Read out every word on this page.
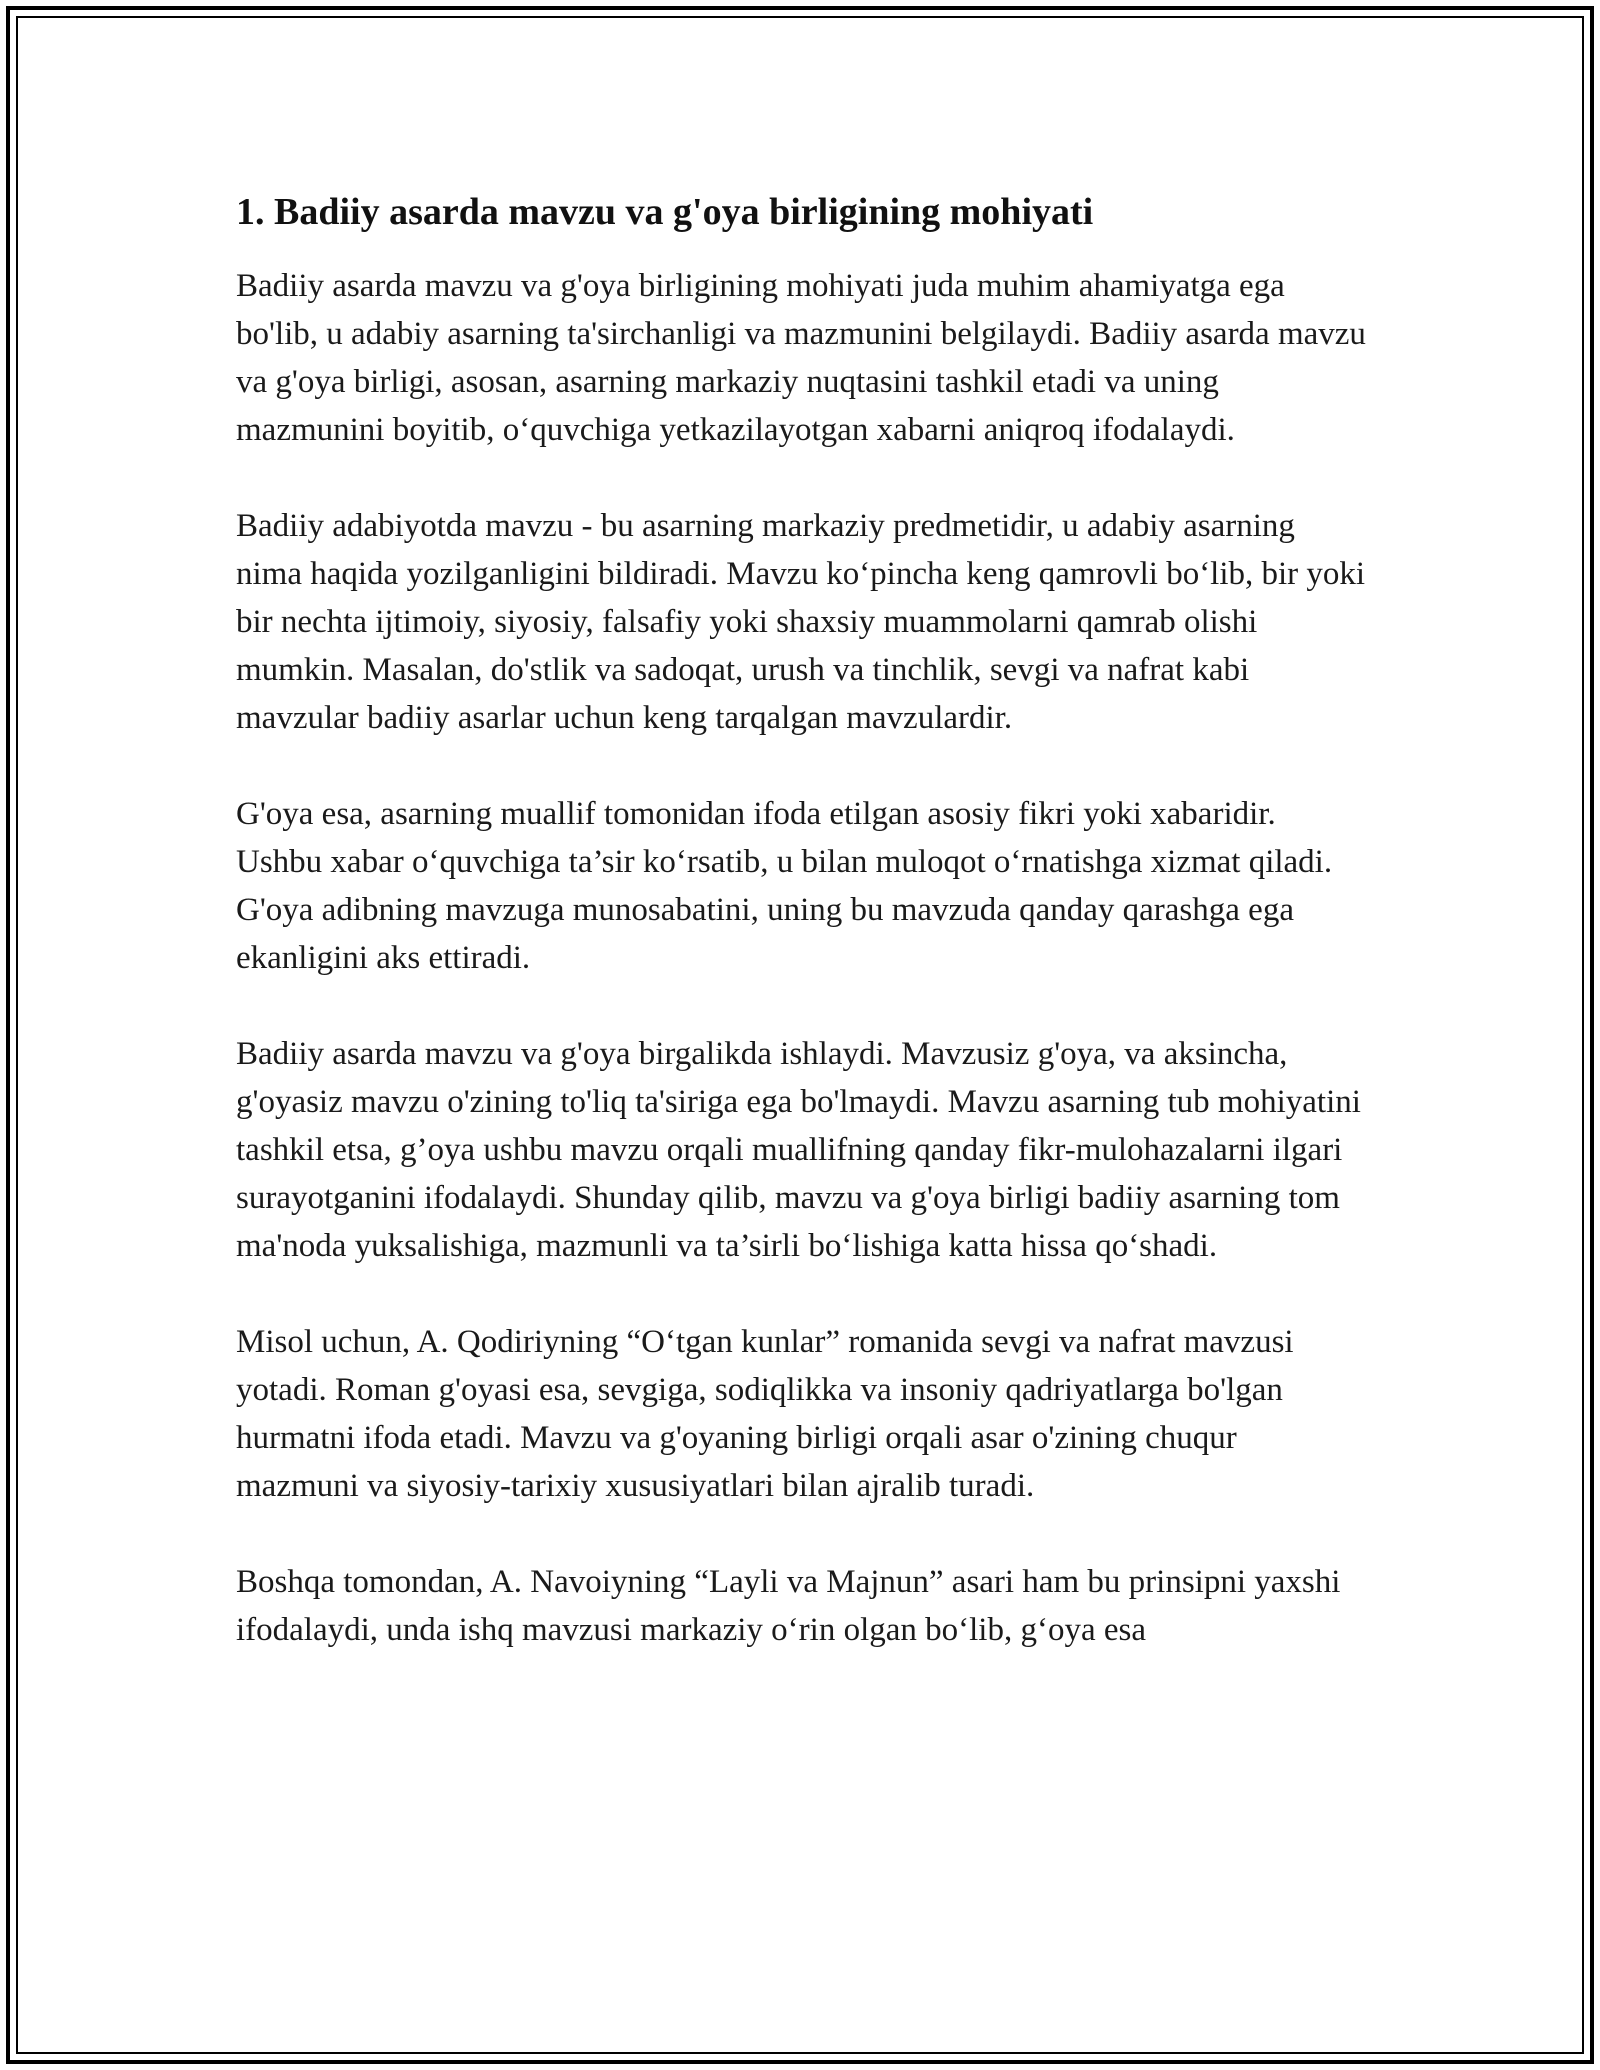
1. Badiiy asarda mavzu va g'oya birligining mohiyati

Badiiy asarda mavzu va g'oya birligining mohiyati juda muhim ahamiyatga ega bo'lib, u adabiy asarning ta'sirchanligi va mazmunini belgilaydi. Badiiy asarda mavzu va g'oya birligi, asosan, asarning markaziy nuqtasini tashkil etadi va uning mazmunini boyitib, o‘quvchiga yetkazilayotgan xabarni aniqroq ifodalaydi.

Badiiy adabiyotda mavzu - bu asarning markaziy predmetidir, u adabiy asarning nima haqida yozilganligini bildiradi. Mavzu ko‘pincha keng qamrovli bo‘lib, bir yoki bir nechta ijtimoiy, siyosiy, falsafiy yoki shaxsiy muammolarni qamrab olishi mumkin. Masalan, do'stlik va sadoqat, urush va tinchlik, sevgi va nafrat kabi mavzular badiiy asarlar uchun keng tarqalgan mavzulardir.

G'oya esa, asarning muallif tomonidan ifoda etilgan asosiy fikri yoki xabaridir. Ushbu xabar o‘quvchiga ta’sir ko‘rsatib, u bilan muloqot o‘rnatishga xizmat qiladi. G'oya adibning mavzuga munosabatini, uning bu mavzuda qanday qarashga ega ekanligini aks ettiradi.

Badiiy asarda mavzu va g'oya birgalikda ishlaydi. Mavzusiz g'oya, va aksincha, g'oyasiz mavzu o'zining to'liq ta'siriga ega bo'lmaydi. Mavzu asarning tub mohiyatini tashkil etsa, g’oya ushbu mavzu orqali muallifning qanday fikr-mulohazalarni ilgari surayotganini ifodalaydi. Shunday qilib, mavzu va g'oya birligi badiiy asarning tom ma'noda yuksalishiga, mazmunli va ta’sirli bo‘lishiga katta hissa qo‘shadi.

Misol uchun, A. Qodiriyning “O‘tgan kunlar” romanida sevgi va nafrat mavzusi yotadi. Roman g'oyasi esa, sevgiga, sodiqlikka va insoniy qadriyatlarga bo'lgan hurmatni ifoda etadi. Mavzu va g'oyaning birligi orqali asar o'zining chuqur mazmuni va siyosiy-tarixiy xususiyatlari bilan ajralib turadi.

Boshqa tomondan, A. Navoiyning “Layli va Majnun” asari ham bu prinsipni yaxshi ifodalaydi, unda ishq mavzusi markaziy o‘rin olgan bo‘lib, g‘oya esa
